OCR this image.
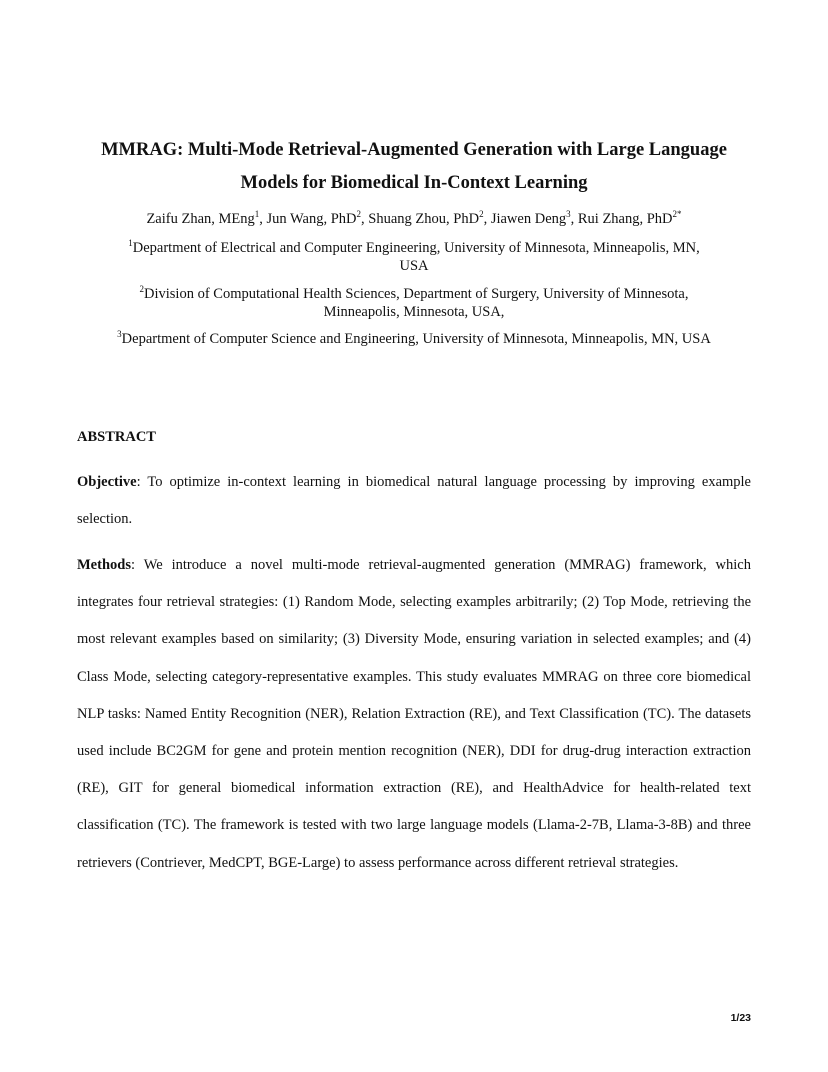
MMRAG: Multi-Mode Retrieval-Augmented Generation with Large Language
Models for Biomedical In-Context Learning
Zaifu Zhan, MEng$^1$, Jun Wang, PhD$^2$, Shuang Zhou, PhD$^2$, Jiawen Deng$^3$, Rui Zhang, PhD$^{2*}$
$^1$Department of Electrical and Computer Engineering, University of Minnesota, Minneapolis, MN,
USA
$^2$Division of Computational Health Sciences, Department of Surgery, University of Minnesota,
Minneapolis, Minnesota, USA,
$^3$Department of Computer Science and Engineering, University of Minnesota, Minneapolis, MN, USA
ABSTRACT

Objective: To optimize in-context learning in biomedical natural language processing by improving example selection.

Methods: We introduce a novel multi-mode retrieval-augmented generation (MMRAG) framework, which integrates four retrieval strategies: (1) Random Mode, selecting examples arbitrarily; (2) Top Mode, retrieving the most relevant examples based on similarity; (3) Diversity Mode, ensuring variation in selected examples; and (4) Class Mode, selecting category-representative examples. This study evaluates MMRAG on three core biomedical NLP tasks: Named Entity Recognition (NER), Relation Extraction (RE), and Text Classification (TC). The datasets used include BC2GM for gene and protein mention recognition (NER), DDI for drug-drug interaction extraction (RE), GIT for general biomedical information extraction (RE), and HealthAdvice for health-related text classification (TC). The framework is tested with two large language models (Llama-2-7B, Llama-3-8B) and three retrievers (Contriever, MedCPT, BGE-Large) to assess performance across different retrieval strategies.

1/23
